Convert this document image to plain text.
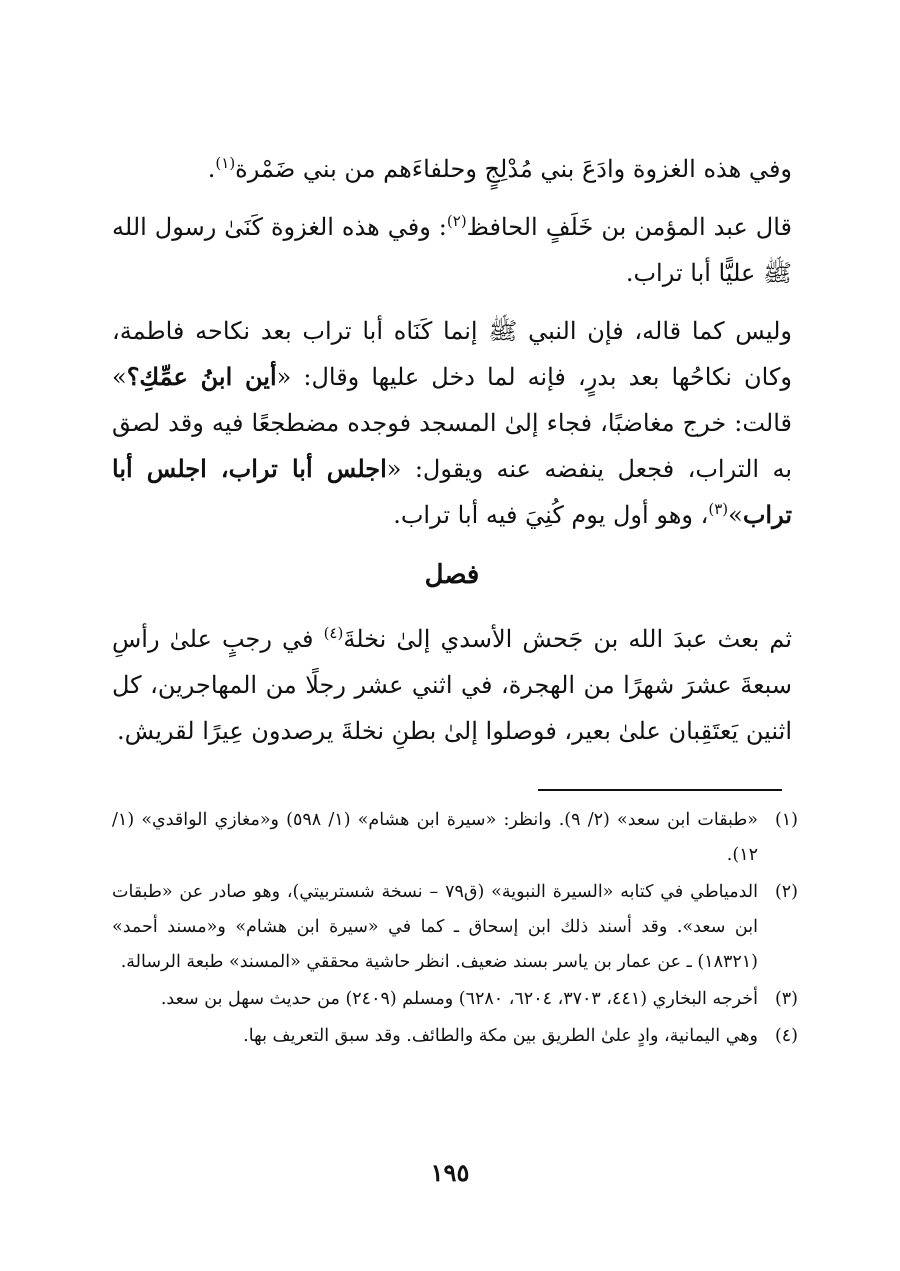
وفي هذه الغزوة وادَعَ بني مُدْلِجٍ وحلفاءَهم من بني ضَمْرة$^{(١)}$.

قال عبد المؤمن بن خَلَفٍ الحافظ$^{(٢)}$: وفي هذه الغزوة كَنَىٰ رسول الله ﷺ عليًّا أبا تراب.

وليس كما قاله، فإن النبي ﷺ إنما كَنَاه أبا تراب بعد نكاحه فاطمة، وكان نكاحُها بعد بدرٍ، فإنه لما دخل عليها وقال: «أين ابنُ عمِّكِ؟» قالت: خرج مغاضبًا، فجاء إلىٰ المسجد فوجده مضطجعًا فيه وقد لصق به التراب، فجعل ينفضه عنه ويقول: «اجلس أبا تراب، اجلس أبا تراب»$^{(٣)}$، وهو أول يوم كُنِيَ فيه أبا تراب.

فصل

ثم بعث عبدَ الله بن جَحش الأسدي إلىٰ نخلةَ$^{(٤)}$ في رجبٍ علىٰ رأسِ سبعةَ عشرَ شهرًا من الهجرة، في اثني عشر رجلًا من المهاجرين، كل اثنين يَعتَقِبان علىٰ بعير، فوصلوا إلىٰ بطنِ نخلةَ يرصدون عِيرًا لقريش.

(١)
«طبقات ابن سعد» (٢/ ٩). وانظر: «سيرة ابن هشام» (١/ ٥٩٨) و«مغازي الواقدي» (١/ ١٢).
(٢)
الدمياطي في كتابه «السيرة النبوية» (ق٧٩ – نسخة شستربيتي)، وهو صادر عن «طبقات ابن سعد». وقد أسند ذلك ابن إسحاق ـ كما في «سيرة ابن هشام» و«مسند أحمد» (١٨٣٢١) ـ عن عمار بن ياسر بسند ضعيف. انظر حاشية محققي «المسند» طبعة الرسالة.
(٣)
أخرجه البخاري (٤٤١، ٣٧٠٣، ٦٢٠٤، ٦٢٨٠) ومسلم (٢٤٠٩) من حديث سهل بن سعد.
(٤)
وهي اليمانية، وادٍ علىٰ الطريق بين مكة والطائف. وقد سبق التعريف بها.
١٩٥
